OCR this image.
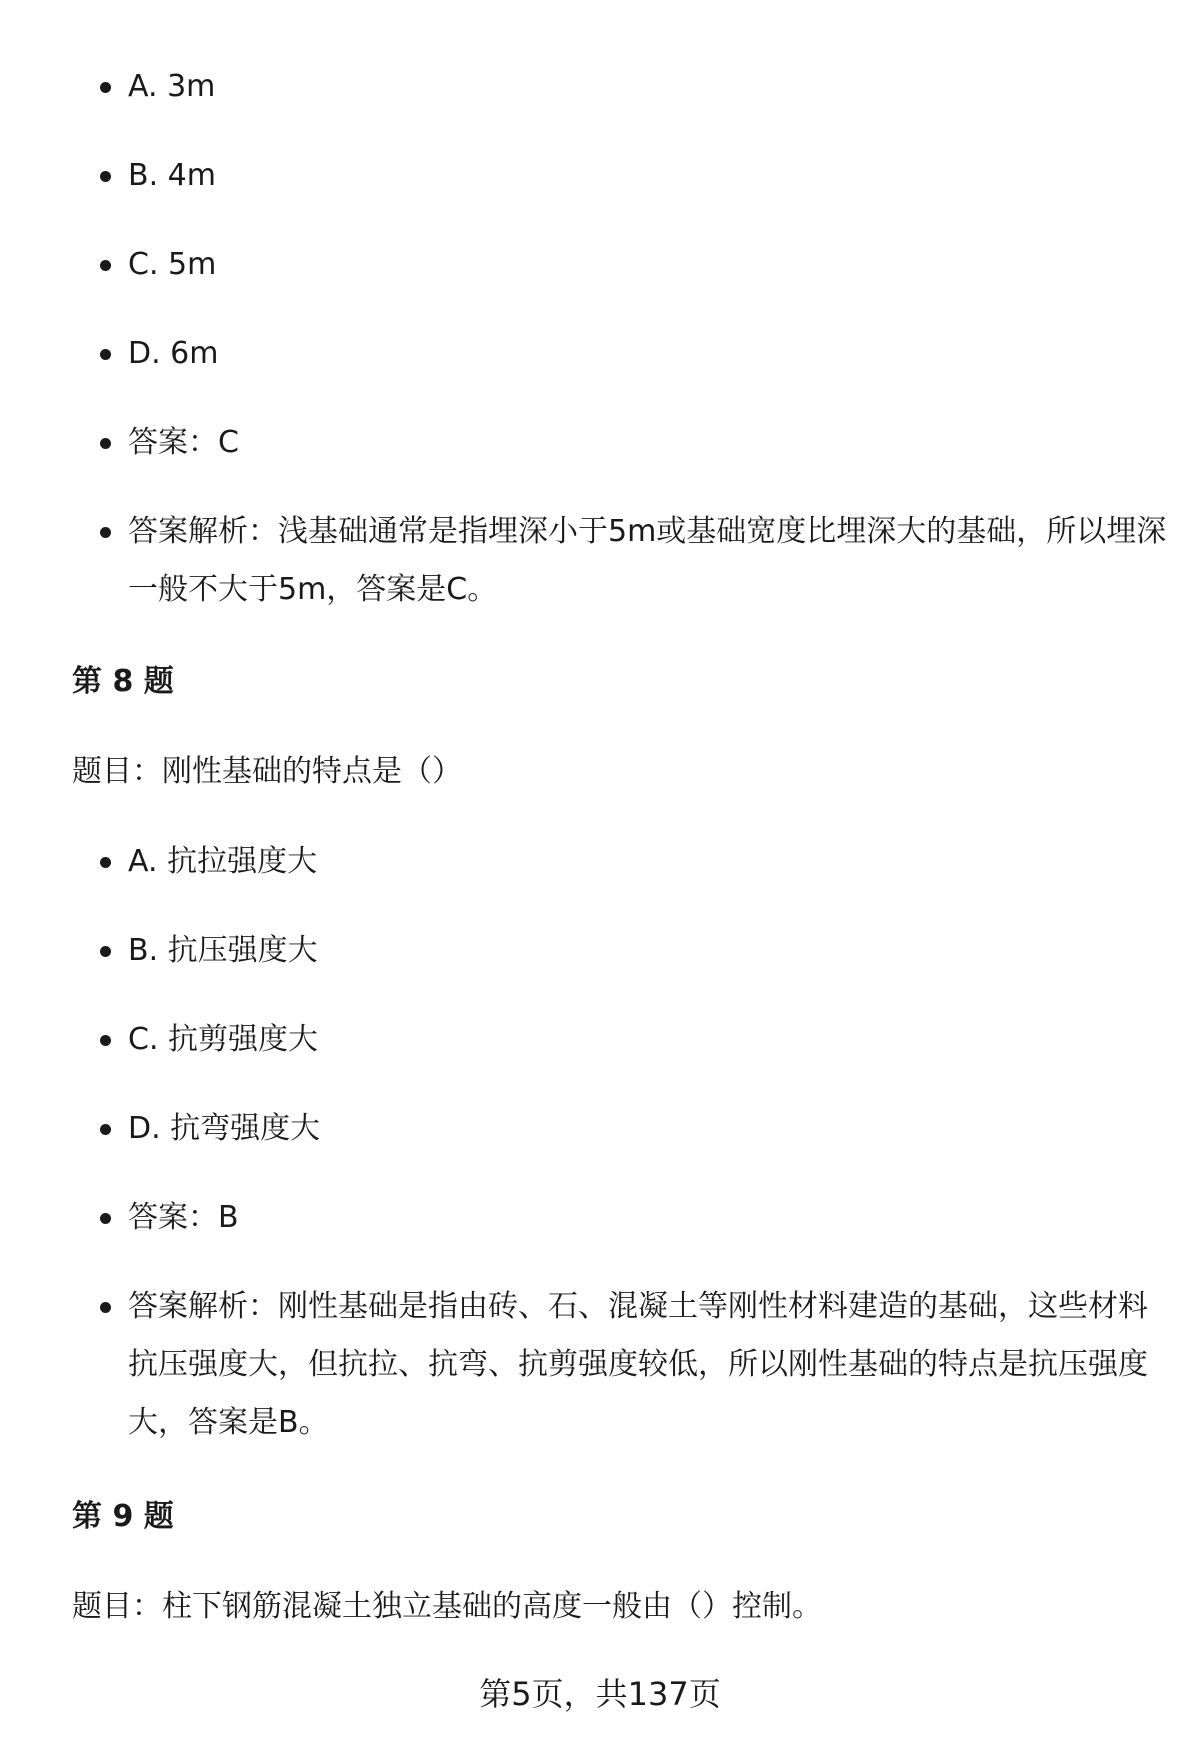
A. 3m
B. 4m
C. 5m
D. 6m
答案：C
答案解析：浅基础通常是指埋深小于5m或基础宽度比埋深大的基础，所以埋深一般不大于5m，答案是C。

第 8 题

题目：刚性基础的特点是（）

A. 抗拉强度大
B. 抗压强度大
C. 抗剪强度大
D. 抗弯强度大
答案：B
答案解析：刚性基础是指由砖、石、混凝土等刚性材料建造的基础，这些材料抗压强度大，但抗拉、抗弯、抗剪强度较低，所以刚性基础的特点是抗压强度大，答案是B。

第 9 题

题目：柱下钢筋混凝土独立基础的高度一般由（）控制。

第5页，共137页
